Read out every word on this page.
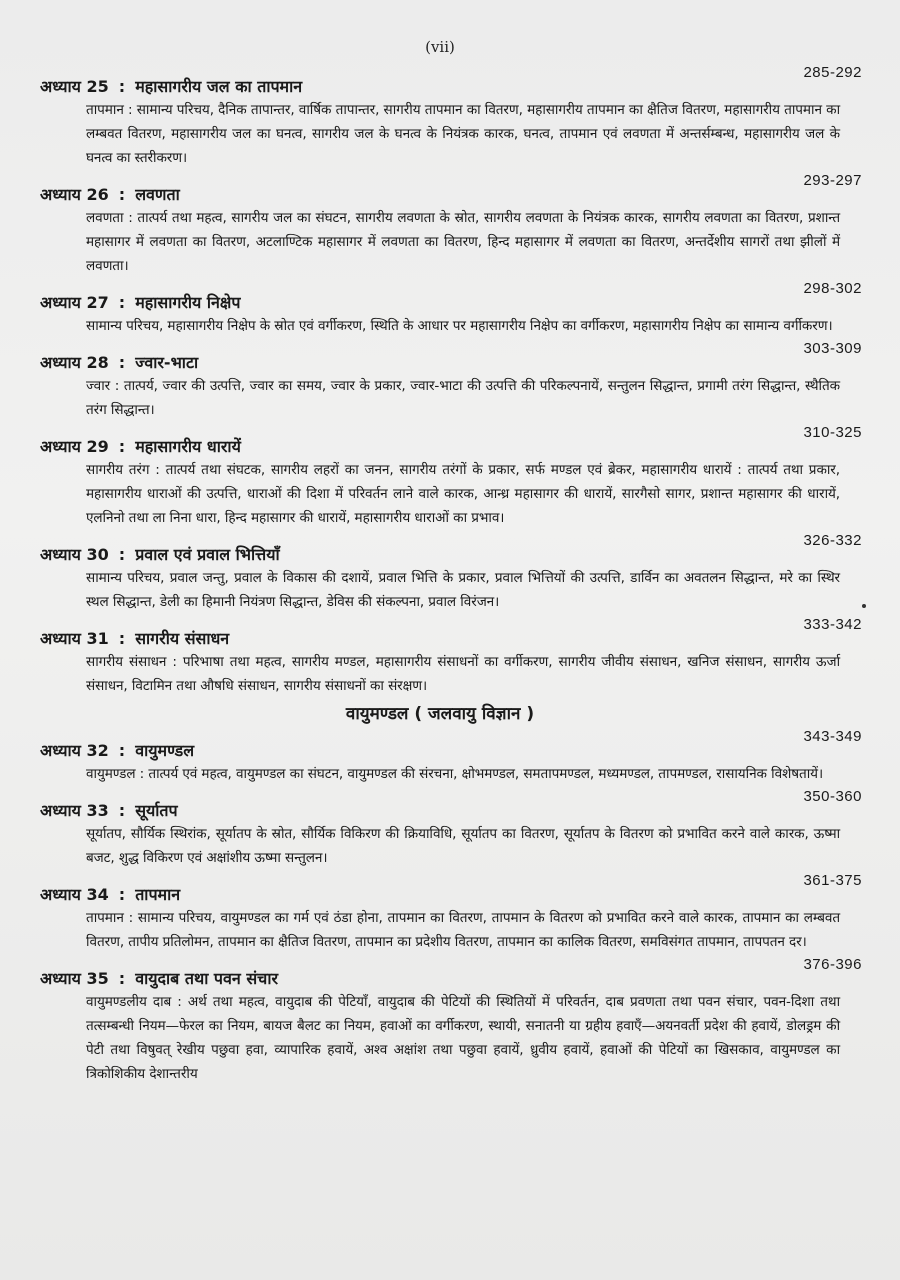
(vii)
285-292
अध्याय 25 : महासागरीय जल का तापमान
तापमान : सामान्य परिचय, दैनिक तापान्तर, वार्षिक तापान्तर, सागरीय तापमान का वितरण, महासागरीय तापमान का क्षैतिज वितरण, महासागरीय तापमान का लम्बवत वितरण, महासागरीय जल का घनत्व, सागरीय जल के घनत्व के नियंत्रक कारक, घनत्व, तापमान एवं लवणता में अन्तर्सम्बन्ध, महासागरीय जल के घनत्व का स्तरीकरण।
293-297
अध्याय 26 : लवणता
लवणता : तात्पर्य तथा महत्व, सागरीय जल का संघटन, सागरीय लवणता के स्रोत, सागरीय लवणता के नियंत्रक कारक, सागरीय लवणता का वितरण, प्रशान्त महासागर में लवणता का वितरण, अटलाण्टिक महासागर में लवणता का वितरण, हिन्द महासागर में लवणता का वितरण, अन्तर्देशीय सागरों तथा झीलों में लवणता।
298-302
अध्याय 27 : महासागरीय निक्षेप
सामान्य परिचय, महासागरीय निक्षेप के स्रोत एवं वर्गीकरण, स्थिति के आधार पर महासागरीय निक्षेप का वर्गीकरण, महासागरीय निक्षेप का सामान्य वर्गीकरण।
303-309
अध्याय 28 : ज्वार-भाटा
ज्वार : तात्पर्य, ज्वार की उत्पत्ति, ज्वार का समय, ज्वार के प्रकार, ज्वार-भाटा की उत्पत्ति की परिकल्पनायें, सन्तुलन सिद्धान्त, प्रगामी तरंग सिद्धान्त, स्थैतिक तरंग सिद्धान्त।
310-325
अध्याय 29 : महासागरीय धारायें
सागरीय तरंग : तात्पर्य तथा संघटक, सागरीय लहरों का जनन, सागरीय तरंगों के प्रकार, सर्फ मण्डल एवं ब्रेकर, महासागरीय धारायें : तात्पर्य तथा प्रकार, महासागरीय धाराओं की उत्पत्ति, धाराओं की दिशा में परिवर्तन लाने वाले कारक, आन्ध्र महासागर की धारायें, सारगैसो सागर, प्रशान्त महासागर की धारायें, एलनिनो तथा ला निना धारा, हिन्द महासागर की धारायें, महासागरीय धाराओं का प्रभाव।
326-332
अध्याय 30 : प्रवाल एवं प्रवाल भित्तियाँ
सामान्य परिचय, प्रवाल जन्तु, प्रवाल के विकास की दशायें, प्रवाल भित्ति के प्रकार, प्रवाल भित्तियों की उत्पत्ति, डार्विन का अवतलन सिद्धान्त, मरे का स्थिर स्थल सिद्धान्त, डेली का हिमानी नियंत्रण सिद्धान्त, डेविस की संकल्पना, प्रवाल विरंजन।
333-342
अध्याय 31 : सागरीय संसाधन
सागरीय संसाधन : परिभाषा तथा महत्व, सागरीय मण्डल, महासागरीय संसाधनों का वर्गीकरण, सागरीय जीवीय संसाधन, खनिज संसाधन, सागरीय ऊर्जा संसाधन, विटामिन तथा औषधि संसाधन, सागरीय संसाधनों का संरक्षण।
वायुमण्डल ( जलवायु विज्ञान )
343-349
अध्याय 32 : वायुमण्डल
वायुमण्डल : तात्पर्य एवं महत्व, वायुमण्डल का संघटन, वायुमण्डल की संरचना, क्षोभमण्डल, समतापमण्डल, मध्यमण्डल, तापमण्डल, रासायनिक विशेषतायें।
350-360
अध्याय 33 : सूर्यातप
सूर्यातप, सौर्यिक स्थिरांक, सूर्यातप के स्रोत, सौर्यिक विकिरण की क्रियाविधि, सूर्यातप का वितरण, सूर्यातप के वितरण को प्रभावित करने वाले कारक, ऊष्मा बजट, शुद्ध विकिरण एवं अक्षांशीय ऊष्मा सन्तुलन।
361-375
अध्याय 34 : तापमान
तापमान : सामान्य परिचय, वायुमण्डल का गर्म एवं ठंडा होना, तापमान का वितरण, तापमान के वितरण को प्रभावित करने वाले कारक, तापमान का लम्बवत वितरण, तापीय प्रतिलोमन, तापमान का क्षैतिज वितरण, तापमान का प्रदेशीय वितरण, तापमान का कालिक वितरण, समविसंगत तापमान, तापपतन दर।
376-396
अध्याय 35 : वायुदाब तथा पवन संचार
वायुमण्डलीय दाब : अर्थ तथा महत्व, वायुदाब की पेटियाँ, वायुदाब की पेटियों की स्थितियों में परिवर्तन, दाब प्रवणता तथा पवन संचार, पवन-दिशा तथा तत्सम्बन्धी नियम—फेरल का नियम, बायज बैलट का नियम, हवाओं का वर्गीकरण, स्थायी, सनातनी या ग्रहीय हवाएँ—अयनवर्ती प्रदेश की हवायें, डोलड्रम की पेटी तथा विषुवत् रेखीय पछुवा हवा, व्यापारिक हवायें, अश्व अक्षांश तथा पछुवा हवायें, ध्रुवीय हवायें, हवाओं की पेटियों का खिसकाव, वायुमण्डल का त्रिकोशिकीय देशान्तरीय
